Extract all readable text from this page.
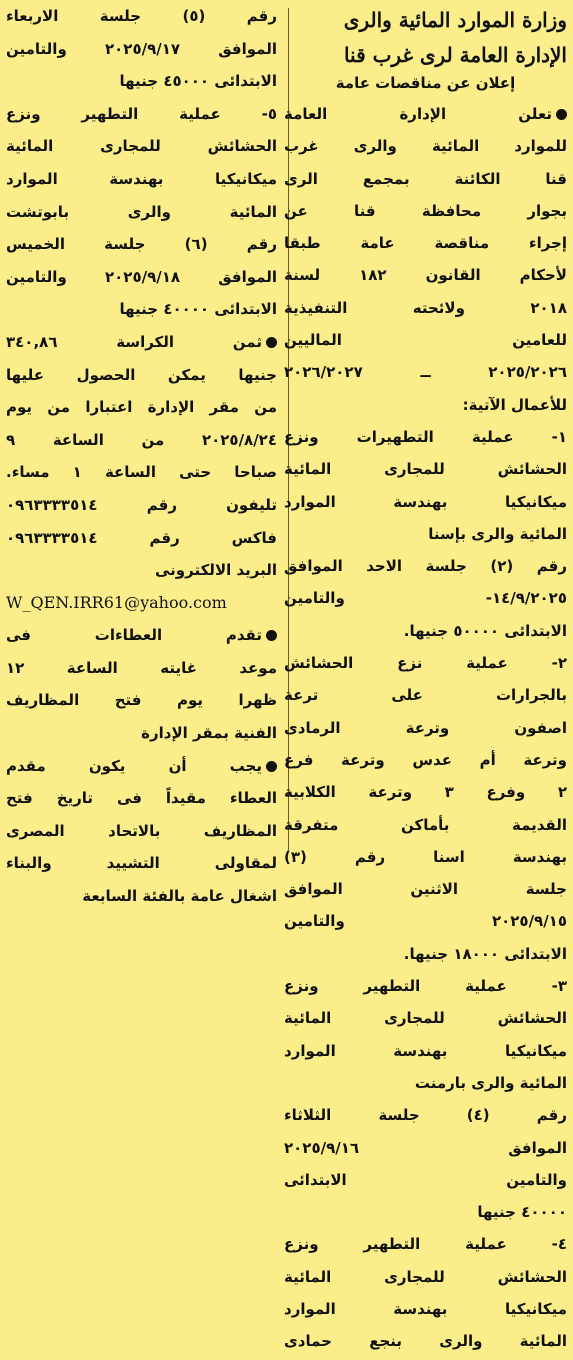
وزارة الموارد المائية والرى
الإدارة العامة لرى غرب قنا
إعلان عن مناقصات عامة
تعلن الإدارة العامة
للموارد المائية والرى غرب
قنا الكائنة بمجمع الرى
بجوار محافظة قنا عن
إجراء مناقصة عامة طبقا
لأحكام القانون ١٨٢ لسنة
٢٠١٨ ولائحته التنفيذية
للعامين الماليين
٢٠٢٥/٢٠٢٦ ــ ٢٠٢٦/٢٠٢٧
للأعمال الآتية:
١- عملية التطهيرات ونزع
الحشائش للمجارى المائية
ميكانيكيا بهندسة الموارد
المائية والرى بإسنا
رقم (٢) جلسة الاحد الموافق
١٤/٩/٢٠٢٥- والتامين
الابتدائى ٥٠٠٠٠ جنيها.
٢- عملية نزع الحشائش
بالجرارات على ترعة
اصفون وترعة الرمادى
وترعة أم عدس وترعة فرع
٢ وفرع ٣ وترعة الكلابية
القديمة بأماكن متفرقة
بهندسة اسنا رقم (٣)
جلسة الاثنين الموافق
٢٠٢٥/٩/١٥ والتامين
الابتدائى ١٨٠٠٠ جنيها.
٣- عملية التطهير ونزع
الحشائش للمجارى المائية
ميكانيكيا بهندسة الموارد
المائية والرى بارمنت
رقم (٤) جلسة الثلاثاء
الموافق ٢٠٢٥/٩/١٦
والتامين الابتدائى
٤٠٠٠٠ جنيها
٤- عملية التطهير ونزع
الحشائش للمجارى المائية
ميكانيكيا بهندسة الموارد
المائية والرى بنجع حمادى
رقم (٥) جلسة الاربعاء
الموافق ٢٠٢٥/٩/١٧ والتامين
الابتدائى ٤٥٠٠٠ جنيها
٥- عملية التطهير ونزع
الحشائش للمجارى المائية
ميكانيكيا بهندسة الموارد
المائية والرى بابوتشت
رقم (٦) جلسة الخميس
الموافق ٢٠٢٥/٩/١٨ والتامين
الابتدائى ٤٠٠٠٠ جنيها
ثمن الكراسة ٣٤٠,٨٦
جنيها يمكن الحصول عليها
من مقر الإدارة اعتبارا من يوم
٢٠٢٥/٨/٢٤ من الساعة ٩
صباحا حتى الساعة ١ مساء.
تليفون رقم ٠٩٦٣٣٣٣٥١٤
فاكس رقم ٠٩٦٣٣٣٣٥١٤
البريد الالكترونى
W_QEN.IRR61@yahoo.com
تقدم العطاءات فى
موعد غايته الساعة ١٢
ظهرا يوم فتح المظاريف
الفنية بمقر الإدارة
يجب أن يكون مقدم
العطاء مقيداً فى تاريخ فتح
المظاريف بالاتحاد المصرى
لمقاولى التشييد والبناء
اشغال عامة بالفئة السابعة
